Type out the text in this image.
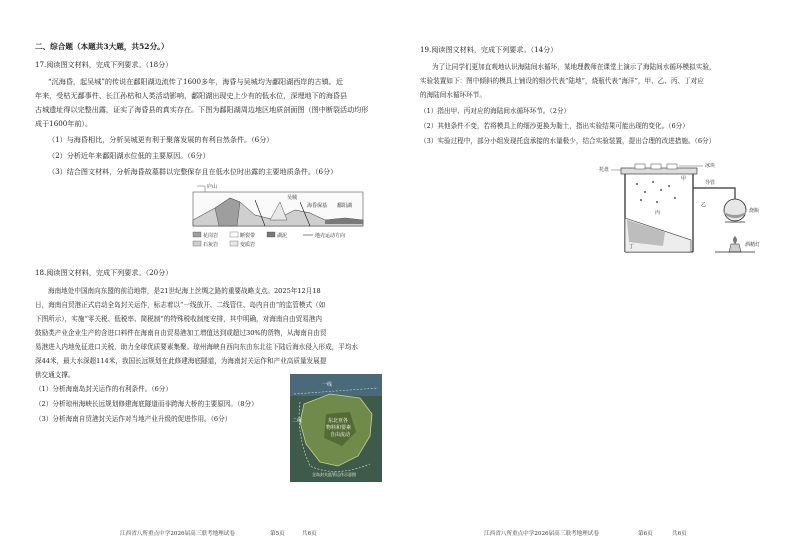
二、综合题（本题共3大题，共52分。）
17.阅读图文材料，完成下列要求。（18分）
“沉海昏，起吴城”的传说在鄱阳湖边流传了1600多年，海昏与吴城均为鄱阳湖西岸的古镇。近
年来，受枯无鄱事件、长江孙枯和人类活动影响，鄱阳湖出现史上少有的低水位，深埋地下的海昏县
古城遗址得以完整出露，证实了海昏县的真实存在。下图为鄱阳湖周边地区地质剖面图（图中断裂活动均形
成于1600年前）。
（1）与海昏相比，分析吴城更有利于聚落发展的有利自然条件。（6分）
（2）分析近年来鄱阳湖水位低的主要原因。（6分）
（3）结合图文材料，分析海昏故墓群以完整保存且在低水位时出露的主要地质条件。（6分）
庐山
吴城
海昏保基 鄱阳湖
花岗岩	断裂带	湖泥	地壳运动方向
石灰岩	变质岩
18.阅读图文材料，完成下列要求。（20分）
海南地处中国南向东盟的前沿地带，是21世纪海上丝绸之路的重要战略支点。2025年12月18
日，海南自贸港正式启动全岛封关运作，标志着以“一线放开、二线管住、岛内自由”的监管模式（如
下图所示），实施“零关税、低税率、简税制”的特殊税收制度安排，其中明确，对海南自由贸易港内
鼓励类产业企业生产的含进口料件在海南自由贸易港加工增值达到或超过30%的货物，从海南自由贸
易港进入内地免征进口关税，助力全球优质要素集聚。琼州海峡自西向东由东北往下陆后海水侵入形成，平均水
深44米，最大水深超114米，我国长远规划在此修建海底隧道，为海南封关运作和产业高质量发展提
供交通支撑。
（1）分析海南岛封关运作的有利条件。（6分）
（2）分析琼州海峡长远规划修建海底隧道而非跨海大桥的主要原因。（8分）
（3）分析海南自贸港封关运作对当地产业升级的促进作用。（6分）
一线
二线	东北亚各
物料和要素
自由流动
全岛封关监管运作示意图
江西省八所重点中学2026届高三联考地理试卷	第5页	共6页
19.阅读图文材料，完成下列要求。（14分）
为了让同学们更加直观地认识海陆间水循环，某地理教师在课堂上演示了海陆间水循环模拟实验，
实验装置如下：图中倾斜的模具上铺设的细沙代表“陆地”，烧瓶代表“海洋”，甲、乙、丙、丁对应
的海陆间水循环环节。
（1）指出甲、丙对应的海陆间水循环环节。（2分）
（2）其他条件不变，若将模具上的细沙更换为黏土，指出实验结果可能出现的变化。（6分）
（3）实验过程中，部分小组发现托盘承接的水量极少，结合实验装置，提出合理的改进措施。（6分）
托盘
冰块
导管
甲
乙
丙
丁
烧瓶
酒精灯
江西省八所重点中学2026届高三联考地理试卷	第6页	共6页
